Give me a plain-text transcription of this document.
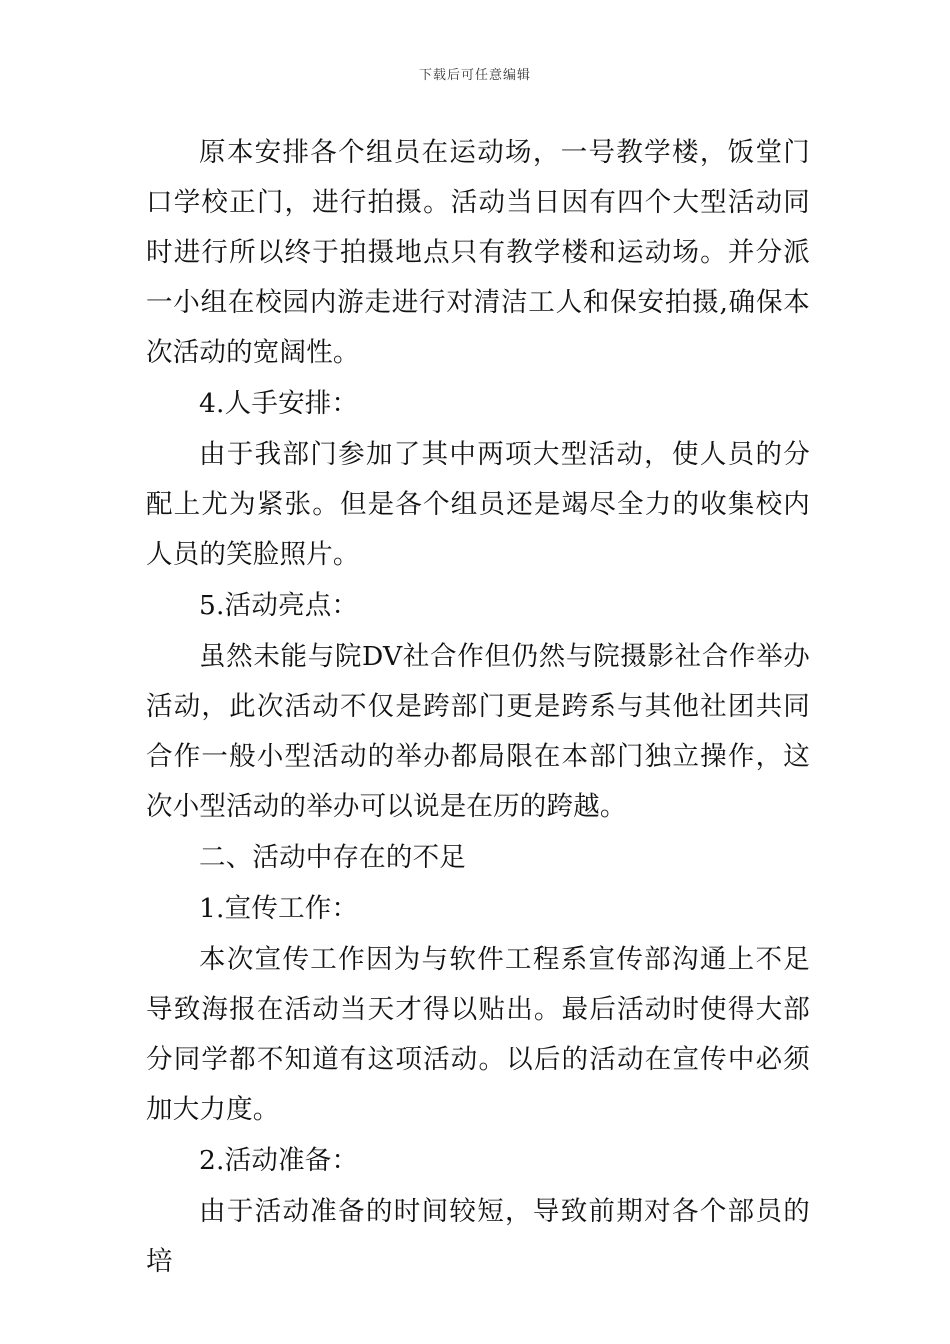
下载后可任意编辑

原本安排各个组员在运动场，一号教学楼，饭堂门口学校正门，进行拍摄。活动当日因有四个大型活动同时进行所以终于拍摄地点只有教学楼和运动场。并分派一小组在校园内游走进行对清洁工人和保安拍摄,确保本次活动的宽阔性。

4.人手安排：

由于我部门参加了其中两项大型活动，使人员的分配上尤为紧张。但是各个组员还是竭尽全力的收集校内人员的笑脸照片。

5.活动亮点：

虽然未能与院DV社合作但仍然与院摄影社合作举办活动，此次活动不仅是跨部门更是跨系与其他社团共同合作一般小型活动的举办都局限在本部门独立操作，这次小型活动的举办可以说是在历的跨越。

二、活动中存在的不足

1.宣传工作：

本次宣传工作因为与软件工程系宣传部沟通上不足导致海报在活动当天才得以贴出。最后活动时使得大部分同学都不知道有这项活动。以后的活动在宣传中必须加大力度。

2.活动准备：

由于活动准备的时间较短，导致前期对各个部员的培
